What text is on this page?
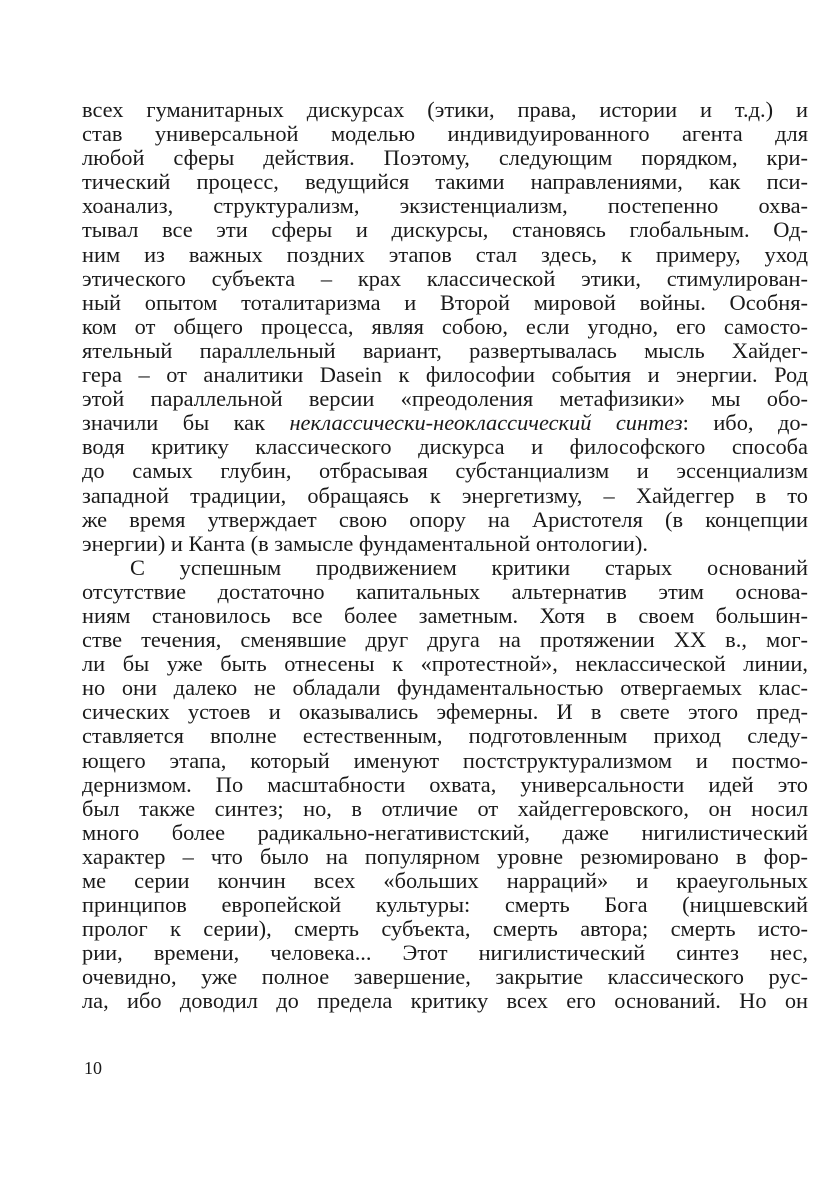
всех гуманитарных дискурсах (этики, права, истории и т.д.) и
став универсальной моделью индивидуированного агента для
любой сферы действия. Поэтому, следующим порядком, кри-
тический процесс, ведущийся такими направлениями, как пси-
хоанализ, структурализм, экзистенциализм, постепенно охва-
тывал все эти сферы и дискурсы, становясь глобальным. Од-
ним из важных поздних этапов стал здесь, к примеру, уход
этического субъекта – крах классической этики, стимулирован-
ный опытом тоталитаризма и Второй мировой войны. Особня-
ком от общего процесса, являя собою, если угодно, его самосто-
ятельный параллельный вариант, развертывалась мысль Хайдег-
гера – от аналитики Dasein к философии события и энергии. Род
этой параллельной версии «преодоления метафизики» мы обо-
значили бы как неклассически-неоклассический синтез: ибо, до-
водя критику классического дискурса и философского способа
до самых глубин, отбрасывая субстанциализм и эссенциализм
западной традиции, обращаясь к энергетизму, – Хайдеггер в то
же время утверждает свою опору на Аристотеля (в концепции
энергии) и Канта (в замысле фундаментальной онтологии).
С успешным продвижением критики старых оснований
отсутствие достаточно капитальных альтернатив этим основа-
ниям становилось все более заметным. Хотя в своем большин-
стве течения, сменявшие друг друга на протяжении XX в., мог-
ли бы уже быть отнесены к «протестной», неклассической линии,
но они далеко не обладали фундаментальностью отвергаемых клас-
сических устоев и оказывались эфемерны. И в свете этого пред-
ставляется вполне естественным, подготовленным приход следу-
ющего этапа, который именуют постструктурализмом и постмо-
дернизмом. По масштабности охвата, универсальности идей это
был также синтез; но, в отличие от хайдеггеровского, он носил
много более радикально-негативистский, даже нигилистический
характер – что было на популярном уровне резюмировано в фор-
ме серии кончин всех «больших нарраций» и краеугольных
принципов европейской культуры: смерть Бога (ницшевский
пролог к серии), смерть субъекта, смерть автора; смерть исто-
рии, времени, человека... Этот нигилистический синтез нес,
очевидно, уже полное завершение, закрытие классического рус-
ла, ибо доводил до предела критику всех его оснований. Но он
10
